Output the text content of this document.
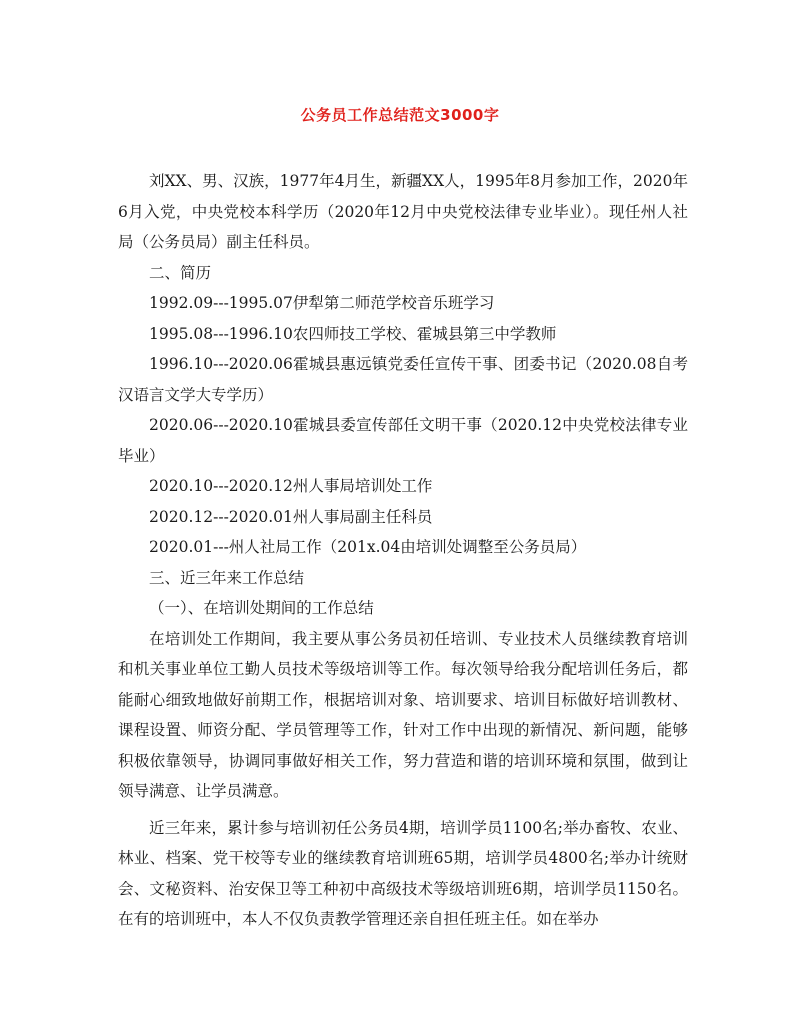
公务员工作总结范文3000字

刘XX、男、汉族，1977年4月生，新疆XX人，1995年8月参加工作，2020年6月入党，中央党校本科学历（2020年12月中央党校法律专业毕业）。现任州人社局（公务员局）副主任科员。

二、简历

1992.09---1995.07伊犁第二师范学校音乐班学习

1995.08---1996.10农四师技工学校、霍城县第三中学教师

1996.10---2020.06霍城县惠远镇党委任宣传干事、团委书记（2020.08自考汉语言文学大专学历）

2020.06---2020.10霍城县委宣传部任文明干事（2020.12中央党校法律专业毕业）

2020.10---2020.12州人事局培训处工作

2020.12---2020.01州人事局副主任科员

2020.01---州人社局工作（201x.04由培训处调整至公务员局）

三、近三年来工作总结

（一）、在培训处期间的工作总结

在培训处工作期间，我主要从事公务员初任培训、专业技术人员继续教育培训和机关事业单位工勤人员技术等级培训等工作。每次领导给我分配培训任务后，都能耐心细致地做好前期工作，根据培训对象、培训要求、培训目标做好培训教材、课程设置、师资分配、学员管理等工作，针对工作中出现的新情况、新问题，能够积极依靠领导，协调同事做好相关工作，努力营造和谐的培训环境和氛围，做到让领导满意、让学员满意。

近三年来，累计参与培训初任公务员4期，培训学员1100名;举办畜牧、农业、林业、档案、党干校等专业的继续教育培训班65期，培训学员4800名;举办计统财会、文秘资料、治安保卫等工种初中高级技术等级培训班6期，培训学员1150名。在有的培训班中，本人不仅负责教学管理还亲自担任班主任。如在举办
